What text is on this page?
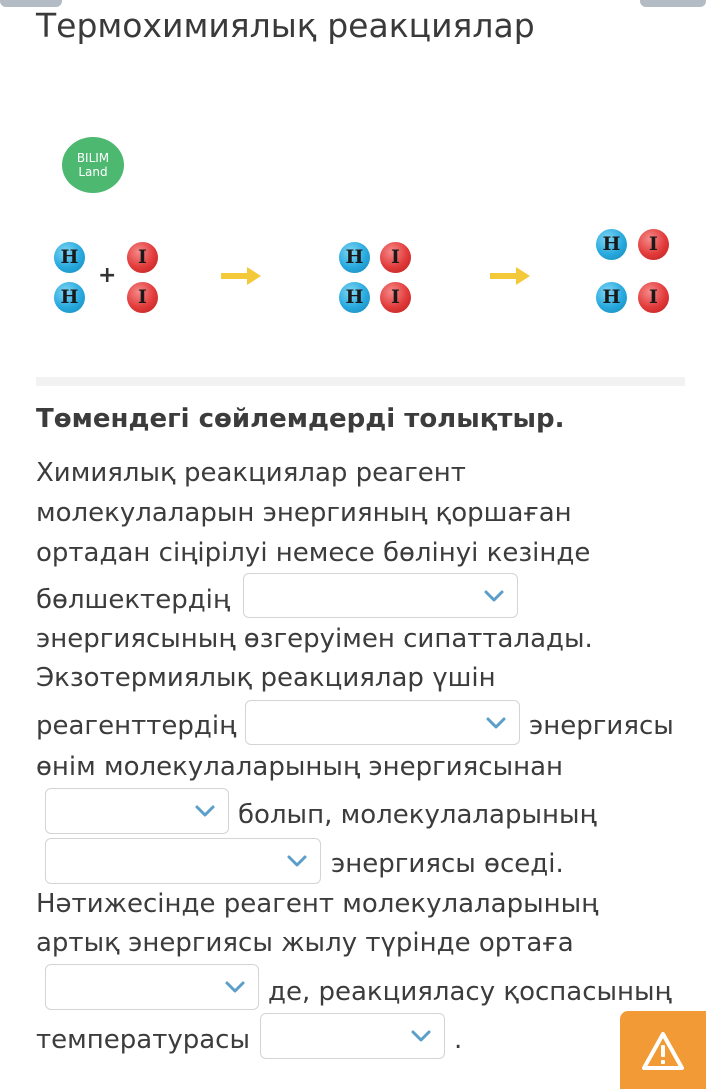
Термохимиялық реакциялар
BILIM
Land
H
H
+
I
I
H	I
H	I
H	I
H	I
Төмендегі сөйлемдерді толықтыр.
Химиялық реакциялар реагент
молекулаларын энергияның қоршаған
ортадан сіңірілуі немесе бөлінуі кезінде
бөлшектердің
энергиясының өзгеруімен сипатталады.
Экзотермиялық реакциялар үшін
реагенттердің	энергиясы
өнім молекулаларының энергиясынан
болып, молекулаларының
энергиясы өседі.
Нәтижесінде реагент молекулаларының
артық энергиясы жылу түрінде ортаға
де, реакцияласу қоспасының
температурасы	.
